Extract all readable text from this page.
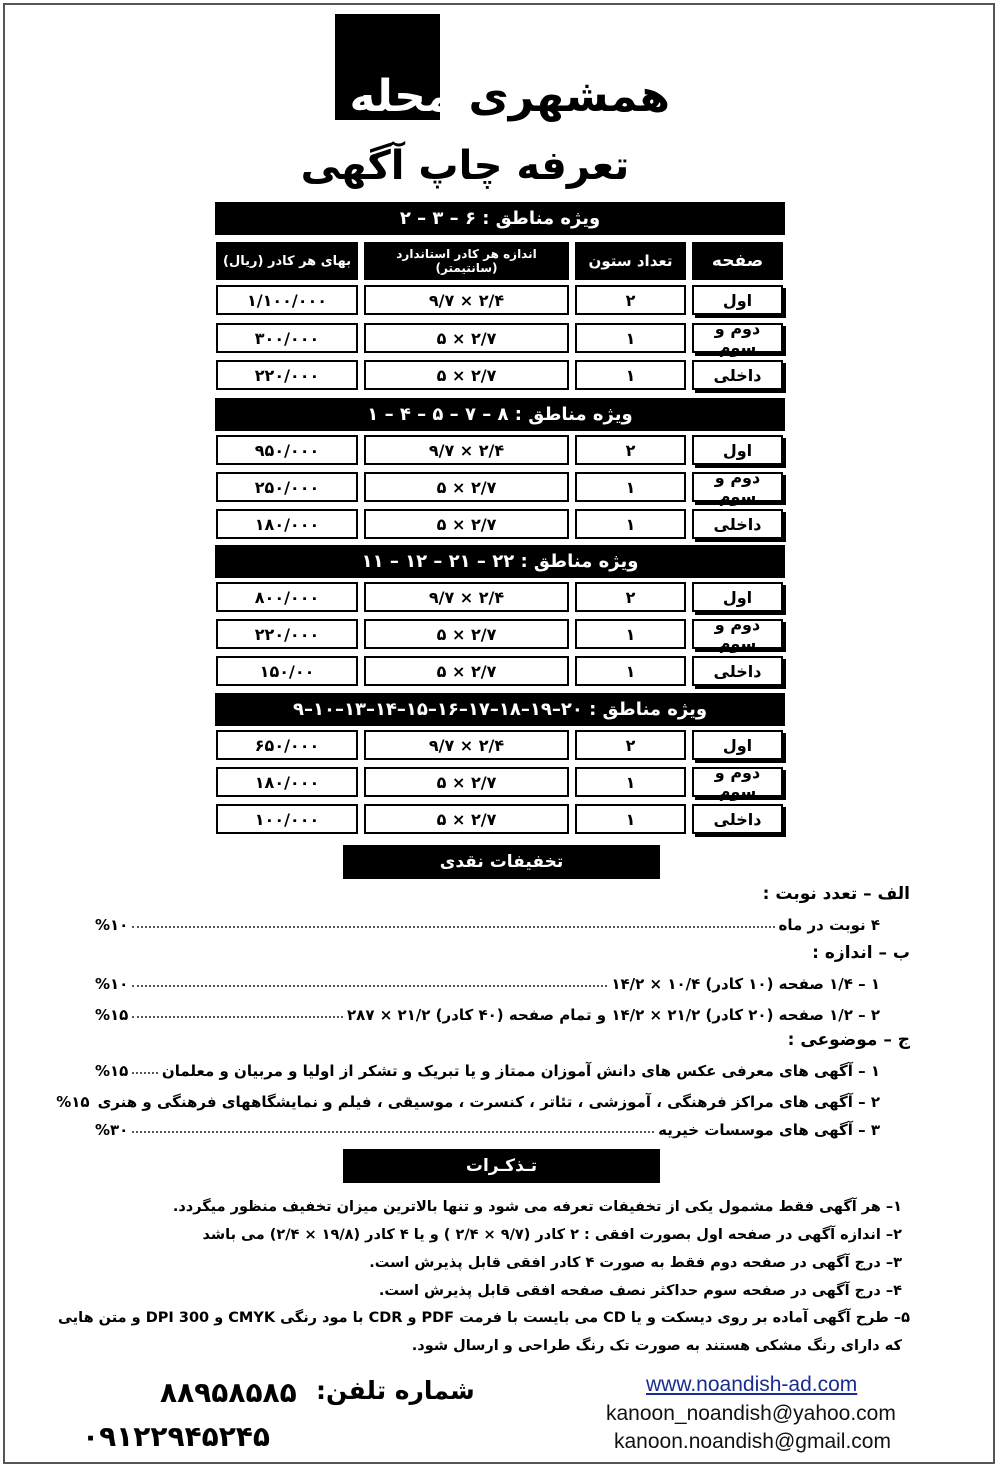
همشهری محله
تعرفه چاپ آگهی
ویژه مناطق : ۶ – ۳ – ۲
صفحه
تعداد ستون
اندازه هر کادر استاندارد
(سانتیمتر)
بهای هر کادر (ریال)
اول
۲
۲/۴ × ۹/۷
۱/۱۰۰/۰۰۰
دوم و سوم
۱
۲/۷ × ۵
۳۰۰/۰۰۰
داخلی
۱
۲/۷ × ۵
۲۲۰/۰۰۰
ویژه مناطق : ۸ – ۷ – ۵ – ۴ – ۱
اول
۲
۲/۴ × ۹/۷
۹۵۰/۰۰۰
دوم و سوم
۱
۲/۷ × ۵
۲۵۰/۰۰۰
داخلی
۱
۲/۷ × ۵
۱۸۰/۰۰۰
ویژه مناطق : ۲۲ – ۲۱ – ۱۲ – ۱۱
اول
۲
۲/۴ × ۹/۷
۸۰۰/۰۰۰
دوم و سوم
۱
۲/۷ × ۵
۲۲۰/۰۰۰
داخلی
۱
۲/۷ × ۵
۱۵۰/۰۰
ویژه مناطق : ۲۰–۱۹–۱۸–۱۷–۱۶–۱۵–۱۴–۱۳–۱۰–۹
اول
۲
۲/۴ × ۹/۷
۶۵۰/۰۰۰
دوم و سوم
۱
۲/۷ × ۵
۱۸۰/۰۰۰
داخلی
۱
۲/۷ × ۵
۱۰۰/۰۰۰
تخفیفات نقدی
الف – تعدد نوبت :
۴ نوبت در ماه
%۱۰
ب – اندازه :
۱ – ۱/۴ صفحه (۱۰ کادر) ۱۰/۴ × ۱۴/۲
%۱۰
۲ – ۱/۲ صفحه (۲۰ کادر) ۲۱/۲ × ۱۴/۲ و تمام صفحه (۴۰ کادر) ۲۱/۲ × ۲۸۷
%۱۵
ج – موضوعی :
۱ – آگهی های معرفی عکس های دانش آموزان ممتاز و یا تبریک و تشکر از اولیا و مربیان و معلمان
%۱۵
۲ – آگهی های مراکز فرهنگی ، آموزشی ، تئاتر ، کنسرت ، موسیقی ، فیلم و نمایشگاههای فرهنگی و هنری
%۱۵
۳ – آگهی های موسسات خیریه
%۳۰
تـذکـرات
۱– هر آگهی فقط مشمول یکی از تخفیفات تعرفه می شود و تنها بالاترین میزان تخفیف منظور میگردد.
۲– اندازه آگهی در صفحه اول بصورت افقی : ۲ کادر (۹/۷ × ۲/۴ ) و یا ۴ کادر (۱۹/۸ × ۲/۴) می باشد
۳– درج آگهی در صفحه دوم فقط به صورت ۴ کادر افقی قابل پذیرش است.
۴– درج آگهی در صفحه سوم حداکثر نصف صفحه افقی قابل پذیرش است.
۵– طرح آگهی آماده بر روی دیسکت و یا CD می بایست با فرمت PDF و CDR با مود رنگی CMYK و 300 DPI و متن هایی
که دارای رنگ مشکی هستند به صورت تک رنگ طراحی و ارسال شود.
شماره تلفن:
۸۸۹۵۸۵۸۵
۰۹۱۲۲۹۴۵۲۴۵
www.noandish-ad.com
kanoon_noandish@yahoo.com
kanoon.noandish@gmail.com
